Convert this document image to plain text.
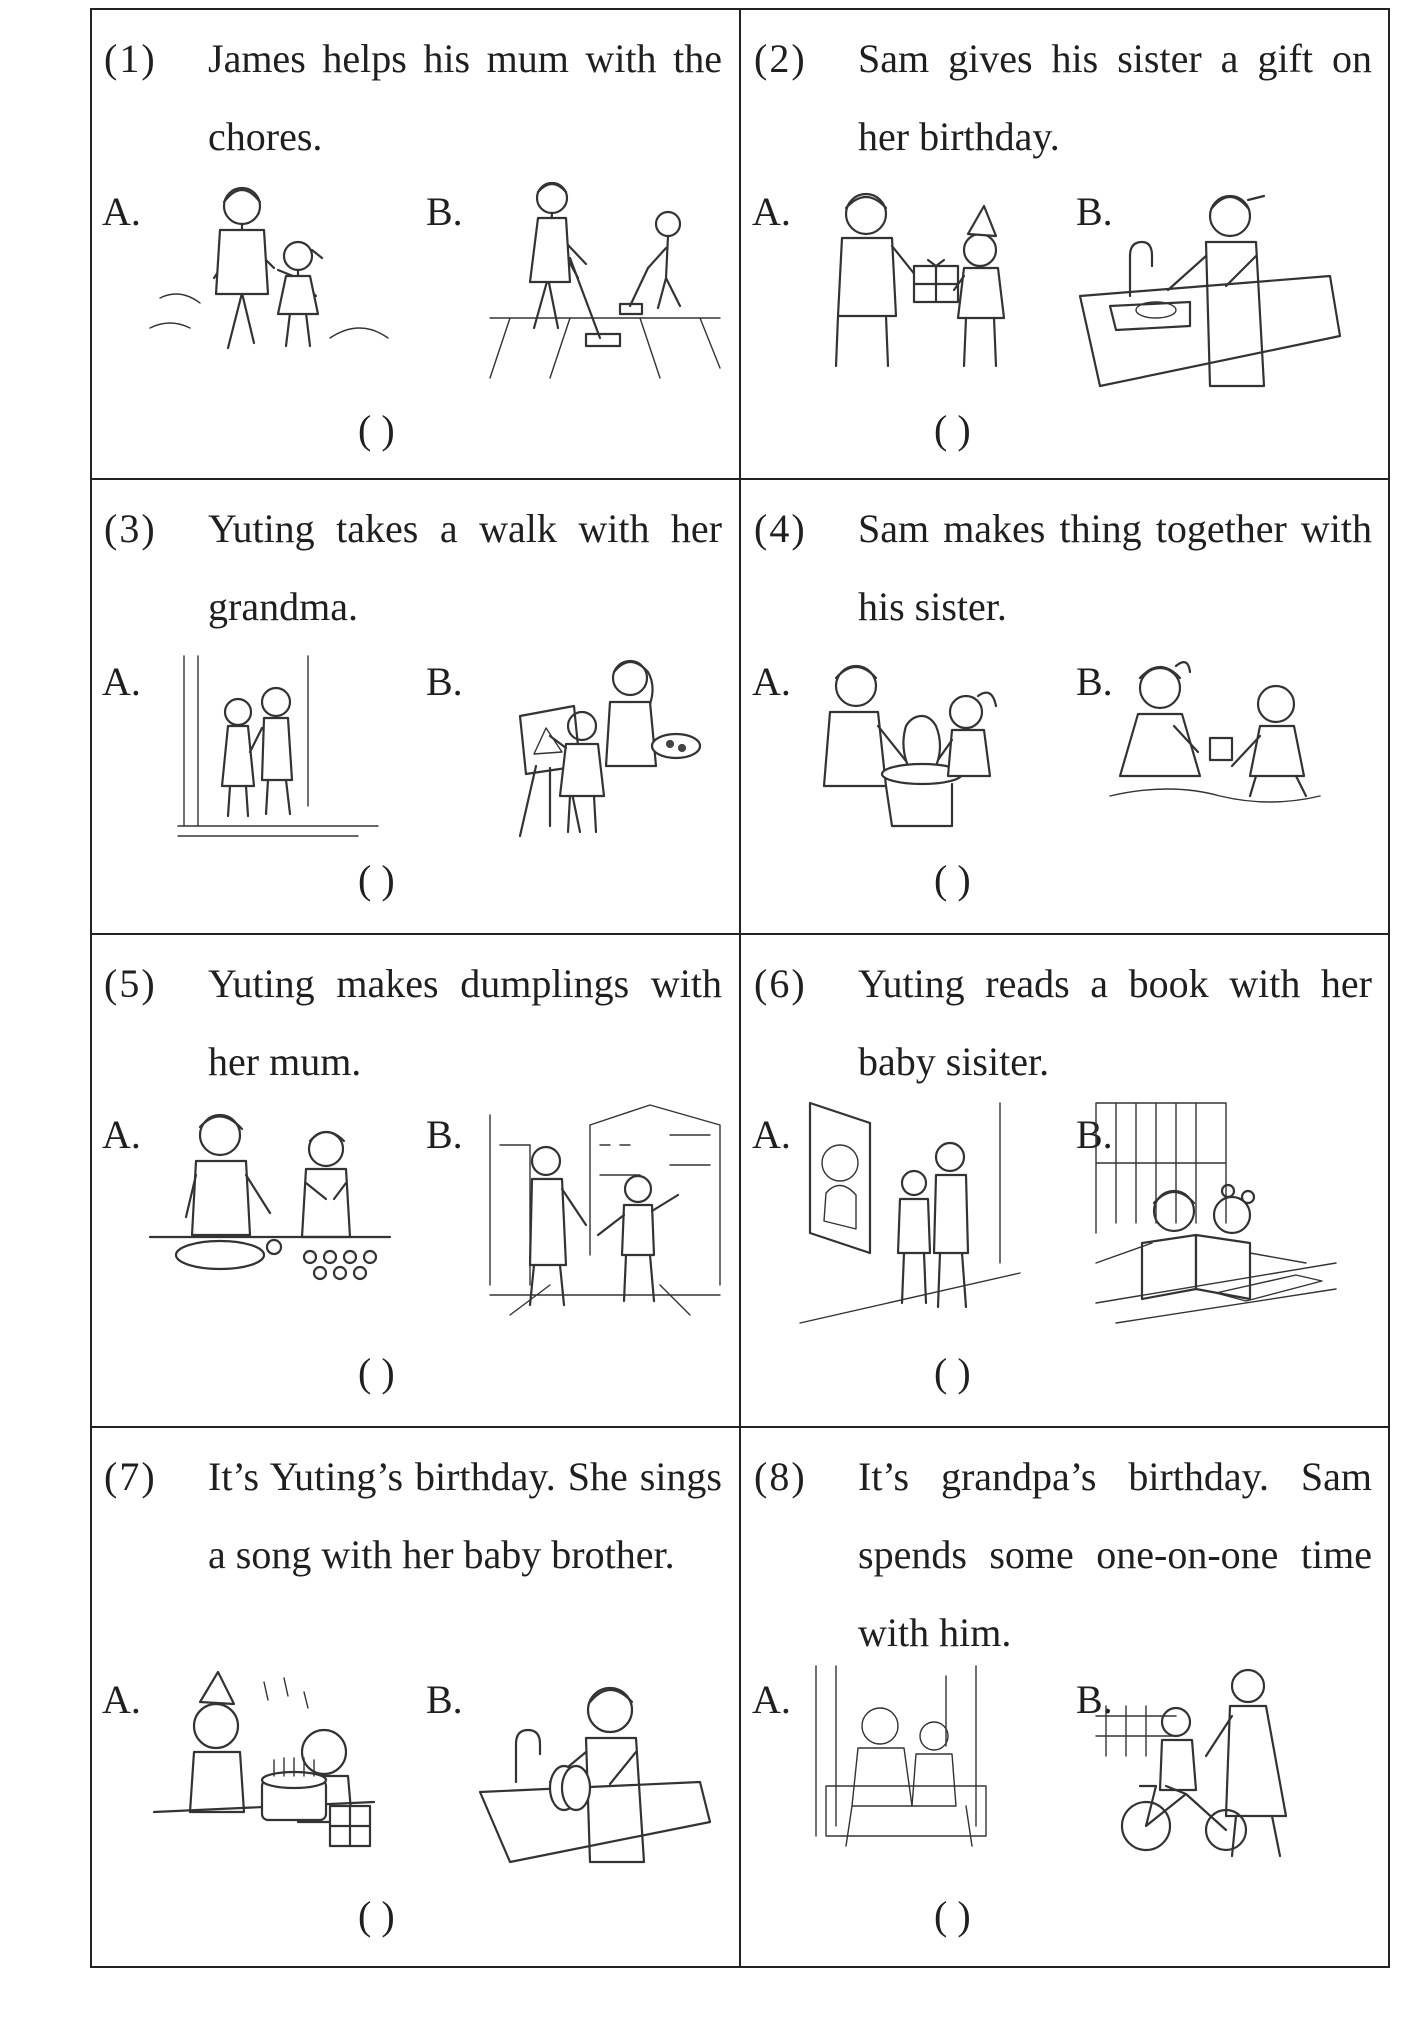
(1) James helps his mum with the chores.
A.	B.
( )
(2) Sam gives his sister a gift on her birthday.
A.	B.
( )
(3) Yuting takes a walk with her grandma.
A.	B.
( )
(4) Sam makes thing together with his sister.
A.	B.
( )
(5) Yuting makes dumplings with her mum.
A.	B.
( )
(6) Yuting reads a book with her baby sisiter.
A.	B.
( )
(7) It’s Yuting’s birthday. She sings a song with her baby brother.
A.	B.
( )
(8) It’s grandpa’s birthday. Sam spends some one-on-one time with him.
A.	B.
( )
